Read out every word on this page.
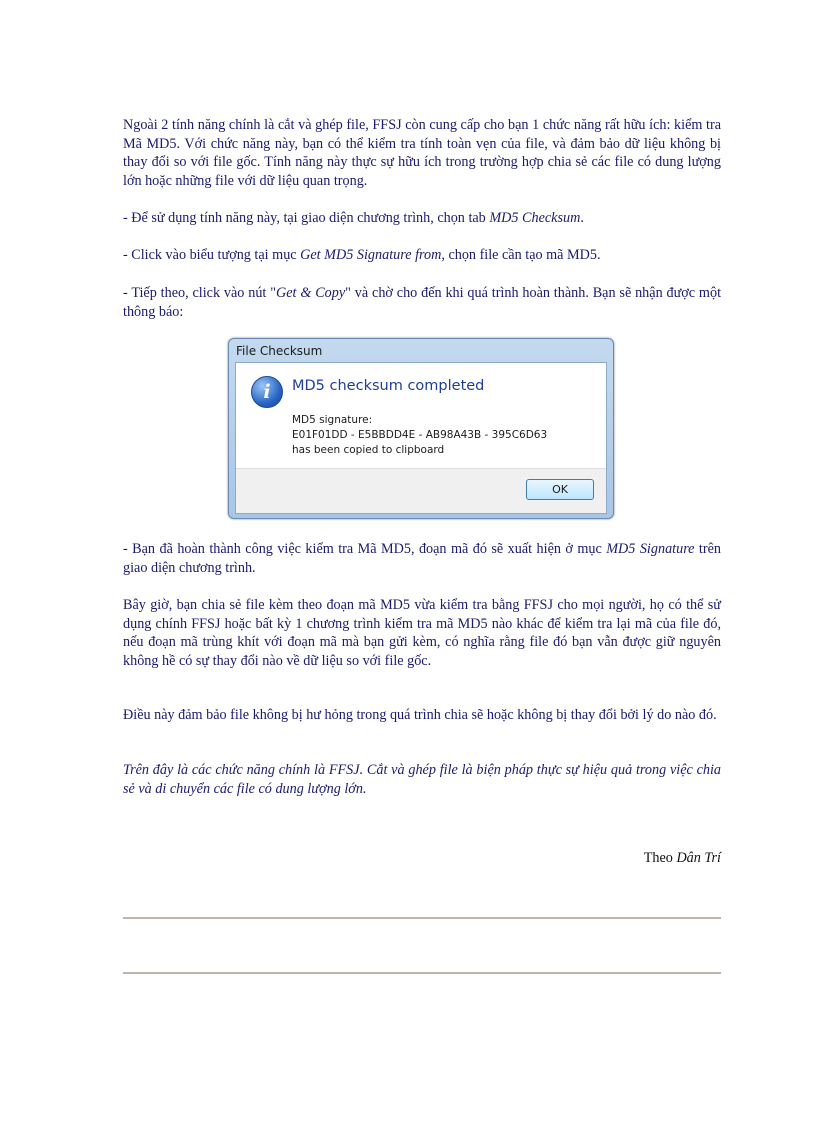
Ngoài 2 tính năng chính là cắt và ghép file, FFSJ còn cung cấp cho bạn 1 chức năng rất hữu ích: kiểm tra Mã MD5. Với chức năng này, bạn có thể kiểm tra tính toàn vẹn của file, và đảm bảo dữ liệu không bị thay đổi so với file gốc. Tính năng này thực sự hữu ích trong trường hợp chia sẻ các file có dung lượng lớn hoặc những file với dữ liệu quan trọng.

- Để sử dụng tính năng này, tại giao diện chương trình, chọn tab MD5 Checksum.

- Click vào biểu tượng tại mục Get MD5 Signature from, chọn file cần tạo mã MD5.

- Tiếp theo, click vào nút "Get & Copy" và chờ cho đến khi quá trình hoàn thành. Bạn sẽ nhận được một thông báo:

File Checksum
i	MD5 checksum completed
MD5 signature:
E01F01DD - E5BBDD4E - AB98A43B - 395C6D63
has been copied to clipboard
OK

- Bạn đã hoàn thành công việc kiểm tra Mã MD5, đoạn mã đó sẽ xuất hiện ở mục MD5 Signature trên giao diện chương trình.

Bây giờ, bạn chia sẻ file kèm theo đoạn mã MD5 vừa kiểm tra bằng FFSJ cho mọi người, họ có thể sử dụng chính FFSJ hoặc bất kỳ 1 chương trình kiểm tra mã MD5 nào khác để kiểm tra lại mã của file đó, nếu đoạn mã trùng khít với đoạn mã mà bạn gửi kèm, có nghĩa rằng file đó bạn vẫn được giữ nguyên không hề có sự thay đổi nào về dữ liệu so với file gốc.

Điều này đảm bảo file không bị hư hỏng trong quá trình chia sẽ hoặc không bị thay đổi bởi lý do nào đó.

Trên đây là các chức năng chính là FFSJ. Cắt và ghép file là biện pháp thực sự hiệu quả trong việc chia sẻ và di chuyển các file có dung lượng lớn.

Theo Dân Trí
